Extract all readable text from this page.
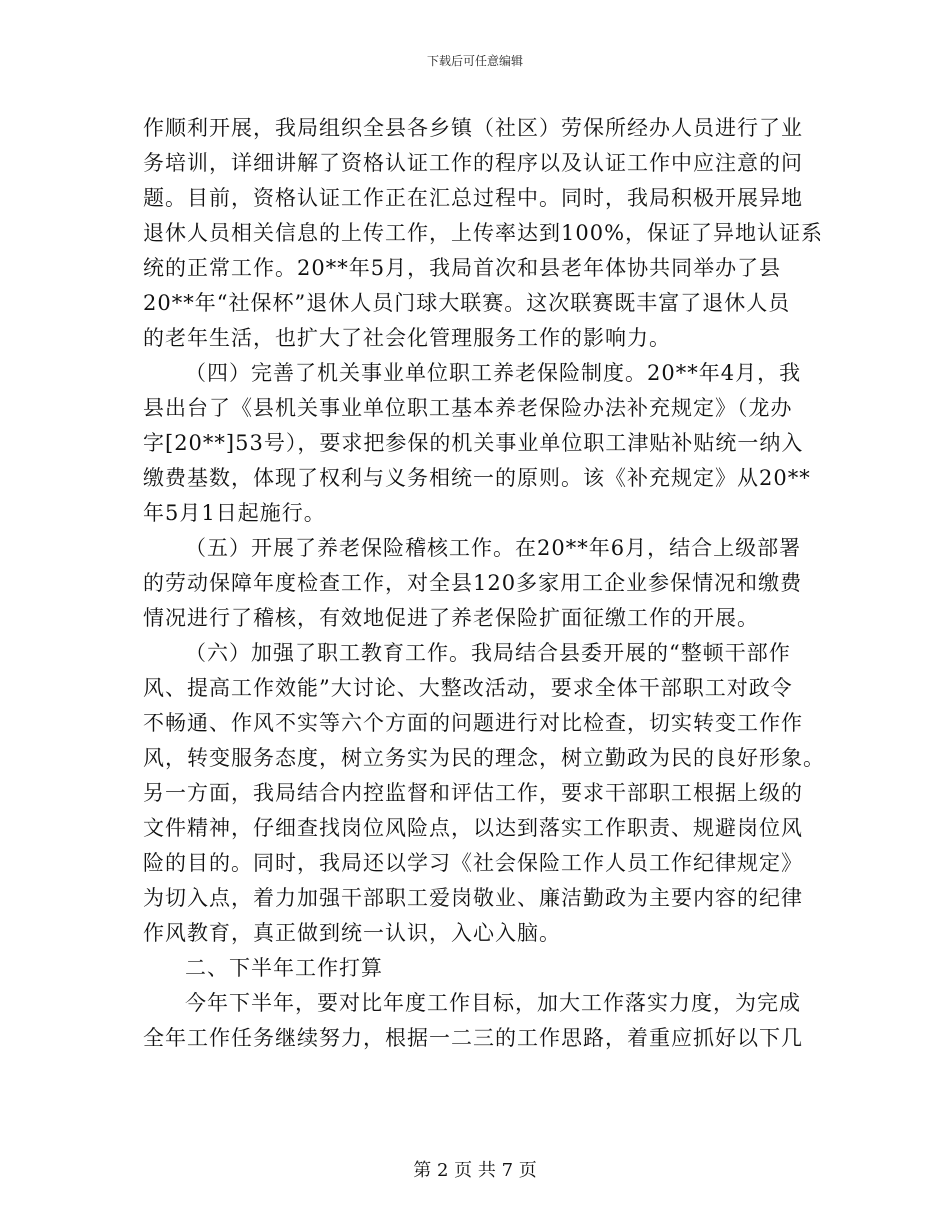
下载后可任意编辑
作顺利开展，我局组织全县各乡镇（社区）劳保所经办人员进行了业
务培训，详细讲解了资格认证工作的程序以及认证工作中应注意的问
题。目前，资格认证工作正在汇总过程中。同时，我局积极开展异地
退休人员相关信息的上传工作，上传率达到100%，保证了异地认证系
统的正常工作。20**年5月，我局首次和县老年体协共同举办了县
20**年“社保杯”退休人员门球大联赛。这次联赛既丰富了退休人员
的老年生活，也扩大了社会化管理服务工作的影响力。
（四）完善了机关事业单位职工养老保险制度。20**年4月，我
县出台了《县机关事业单位职工基本养老保险办法补充规定》（龙办
字[20**]53号），要求把参保的机关事业单位职工津贴补贴统一纳入
缴费基数，体现了权利与义务相统一的原则。该《补充规定》从20**
年5月1日起施行。
（五）开展了养老保险稽核工作。在20**年6月，结合上级部署
的劳动保障年度检查工作，对全县120多家用工企业参保情况和缴费
情况进行了稽核，有效地促进了养老保险扩面征缴工作的开展。
（六）加强了职工教育工作。我局结合县委开展的“整顿干部作
风、提高工作效能”大讨论、大整改活动，要求全体干部职工对政令
不畅通、作风不实等六个方面的问题进行对比检查，切实转变工作作
风，转变服务态度，树立务实为民的理念，树立勤政为民的良好形象。
另一方面，我局结合内控监督和评估工作，要求干部职工根据上级的
文件精神，仔细查找岗位风险点，以达到落实工作职责、规避岗位风
险的目的。同时，我局还以学习《社会保险工作人员工作纪律规定》
为切入点，着力加强干部职工爱岗敬业、廉洁勤政为主要内容的纪律
作风教育，真正做到统一认识，入心入脑。
二、下半年工作打算
今年下半年，要对比年度工作目标，加大工作落实力度，为完成
全年工作任务继续努力，根据一二三的工作思路，着重应抓好以下几
第 2 页 共 7 页
